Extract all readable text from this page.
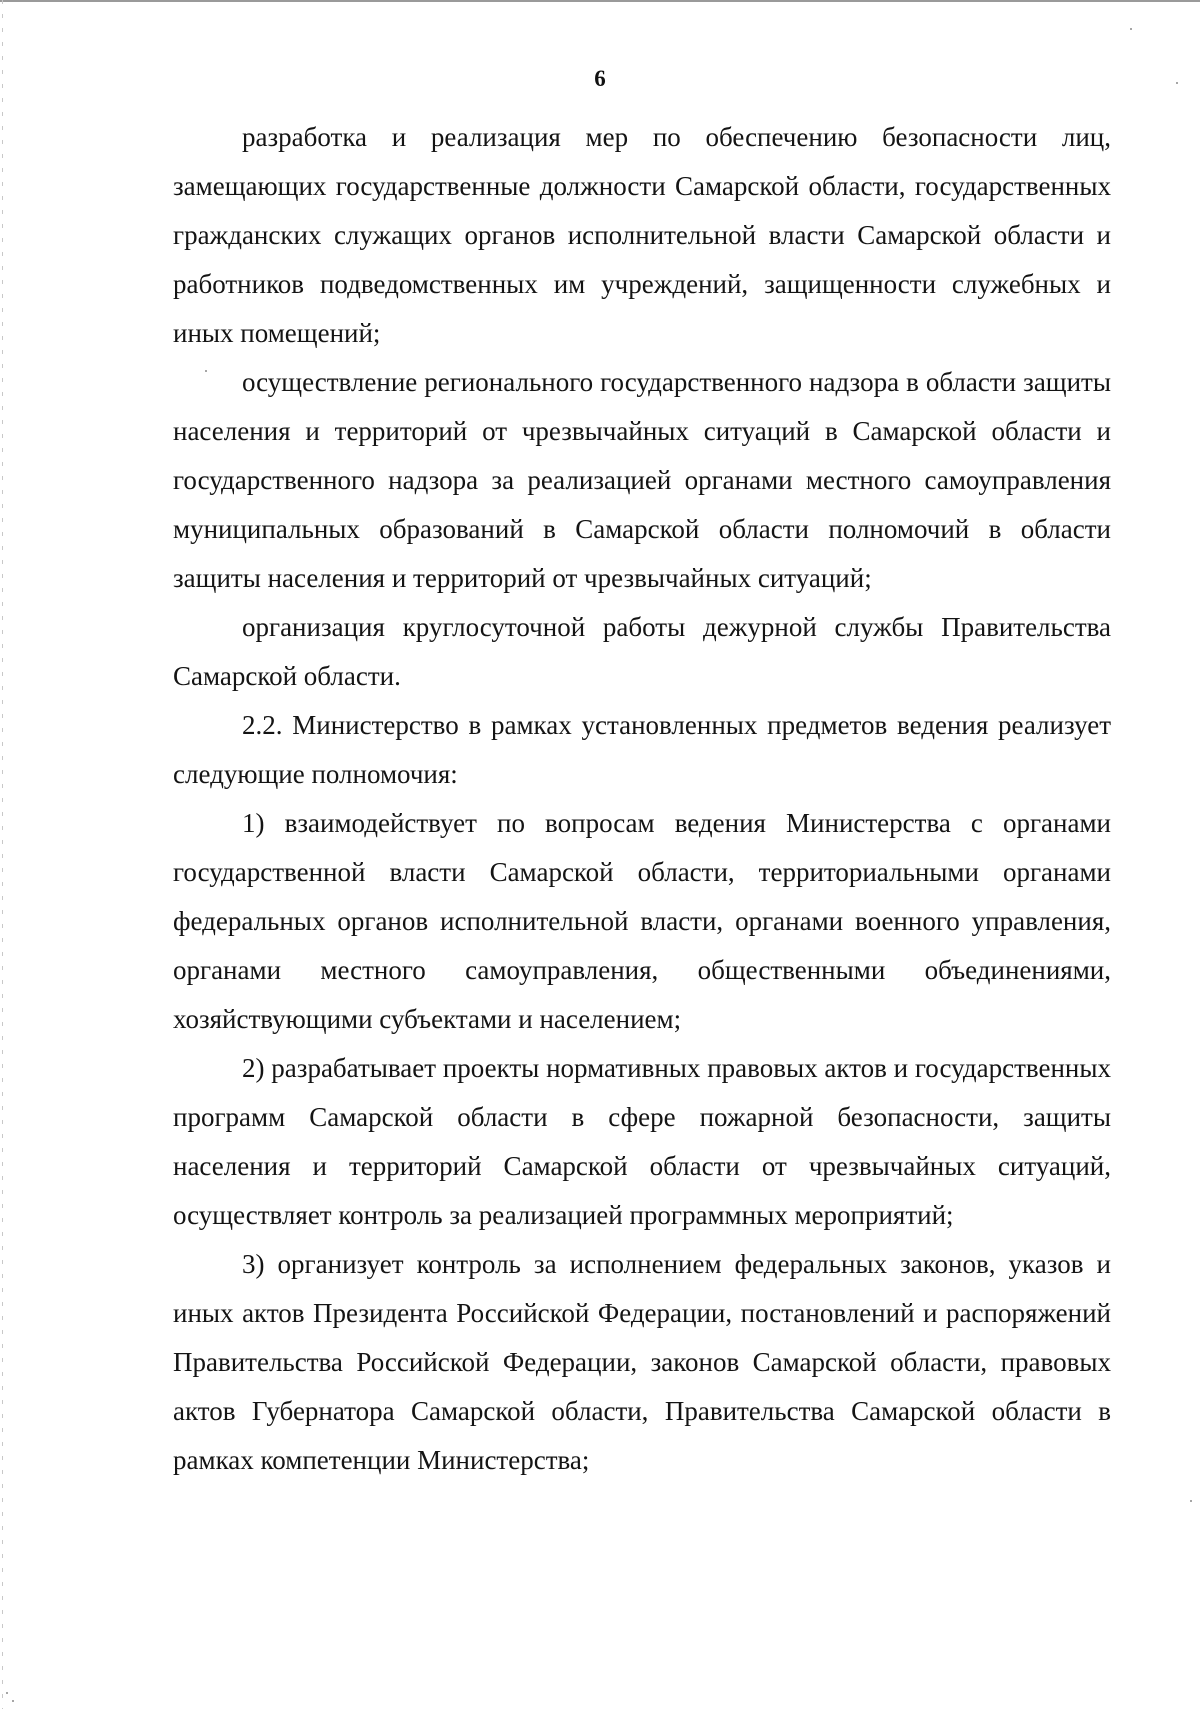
6

разработка и реализация мер по обеспечению безопасности лиц, замещающих государственные должности Самарской области, государственных гражданских служащих органов исполнительной власти Самарской области и работников подведомственных им учреждений, защищенности служебных и иных помещений;

осуществление регионального государственного надзора в области защиты населения и территорий от чрезвычайных ситуаций в Самарской области и государственного надзора за реализацией органами местного самоуправления муниципальных образований в Самарской области полномочий в области защиты населения и территорий от чрезвычайных ситуаций;

организация круглосуточной работы дежурной службы Правительства Самарской области.

2.2. Министерство в рамках установленных предметов ведения реализует следующие полномочия:

1) взаимодействует по вопросам ведения Министерства с органами государственной власти Самарской области, территориальными органами федеральных органов исполнительной власти, органами военного управления, органами местного самоуправления, общественными объединениями, хозяйствующими субъектами и населением;

2) разрабатывает проекты нормативных правовых актов и государственных программ Самарской области в сфере пожарной безопасности, защиты населения и территорий Самарской области от чрезвычайных ситуаций, осуществляет контроль за реализацией программных мероприятий;

3) организует контроль за исполнением федеральных законов, указов и иных актов Президента Российской Федерации, постановлений и распоряжений Правительства Российской Федерации, законов Самарской области, правовых актов Губернатора Самарской области, Правительства Самарской области в рамках компетенции Министерства;
